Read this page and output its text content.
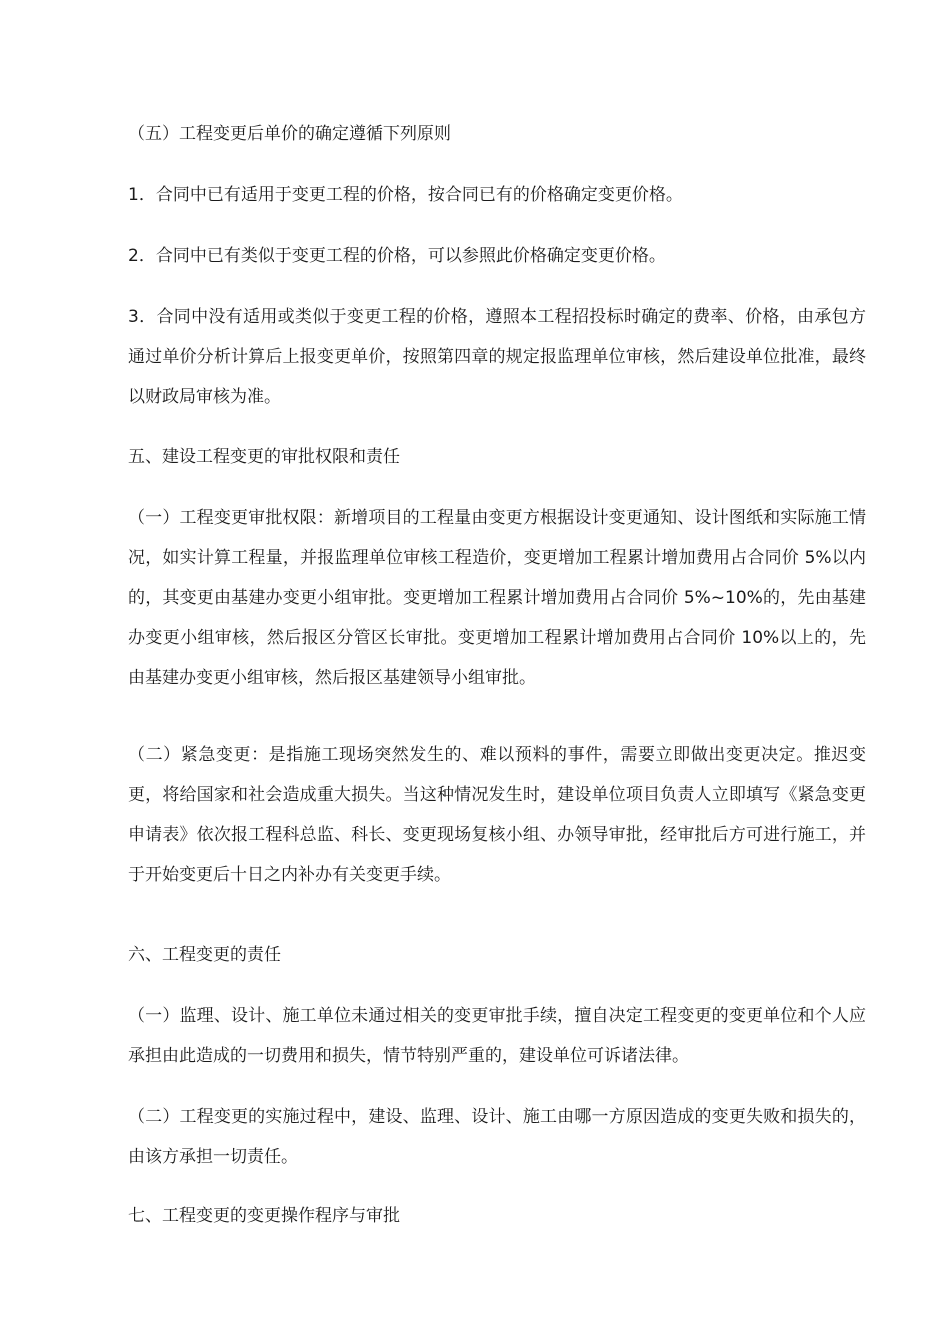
（五）工程变更后单价的确定遵循下列原则

1．合同中已有适用于变更工程的价格，按合同已有的价格确定变更价格。

2．合同中已有类似于变更工程的价格，可以参照此价格确定变更价格。

3．合同中没有适用或类似于变更工程的价格，遵照本工程招投标时确定的费率、价格，由承包方通过单价分析计算后上报变更单价，按照第四章的规定报监理单位审核，然后建设单位批准，最终以财政局审核为准。

五、建设工程变更的审批权限和责任

（一）工程变更审批权限：新增项目的工程量由变更方根据设计变更通知、设计图纸和实际施工情况，如实计算工程量，并报监理单位审核工程造价，变更增加工程累计增加费用占合同价 5%以内的，其变更由基建办变更小组审批。变更增加工程累计增加费用占合同价 5%~10%的，先由基建办变更小组审核，然后报区分管区长审批。变更增加工程累计增加费用占合同价 10%以上的，先由基建办变更小组审核，然后报区基建领导小组审批。

（二）紧急变更：是指施工现场突然发生的、难以预料的事件，需要立即做出变更决定。推迟变更，将给国家和社会造成重大损失。当这种情况发生时，建设单位项目负责人立即填写《紧急变更申请表》依次报工程科总监、科长、变更现场复核小组、办领导审批，经审批后方可进行施工，并于开始变更后十日之内补办有关变更手续。

六、工程变更的责任

（一）监理、设计、施工单位未通过相关的变更审批手续，擅自决定工程变更的变更单位和个人应承担由此造成的一切费用和损失，情节特别严重的，建设单位可诉诸法律。

（二）工程变更的实施过程中，建设、监理、设计、施工由哪一方原因造成的变更失败和损失的，由该方承担一切责任。

七、工程变更的变更操作程序与审批
